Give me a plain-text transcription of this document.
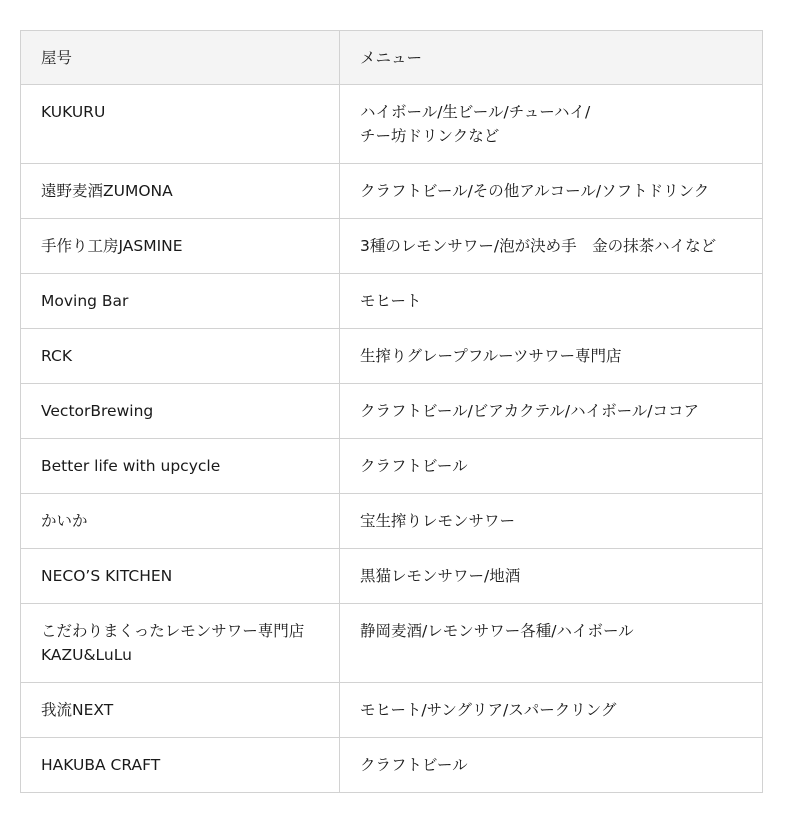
屋号	メニュー

KUKURU	ハイボール/生ビール/チューハイ/
チー坊ドリンクなど

遠野麦酒ZUMONA	クラフトビール/その他アルコール/ソフトドリンク

手作り工房JASMINE	3種のレモンサワー/泡が決め手　金の抹茶ハイなど

Moving Bar	モヒート

RCK	生搾りグレープフルーツサワー専門店

VectorBrewing	クラフトビール/ビアカクテル/ハイボール/ココア

Better life with upcycle	クラフトビール

かいか	宝生搾りレモンサワー

NECO’S KITCHEN	黒猫レモンサワー/地酒

こだわりまくったレモンサワー専門店
KAZU&LuLu	静岡麦酒/レモンサワー各種/ハイボール

我流NEXT	モヒート/サングリア/スパークリング

HAKUBA CRAFT	クラフトビール
